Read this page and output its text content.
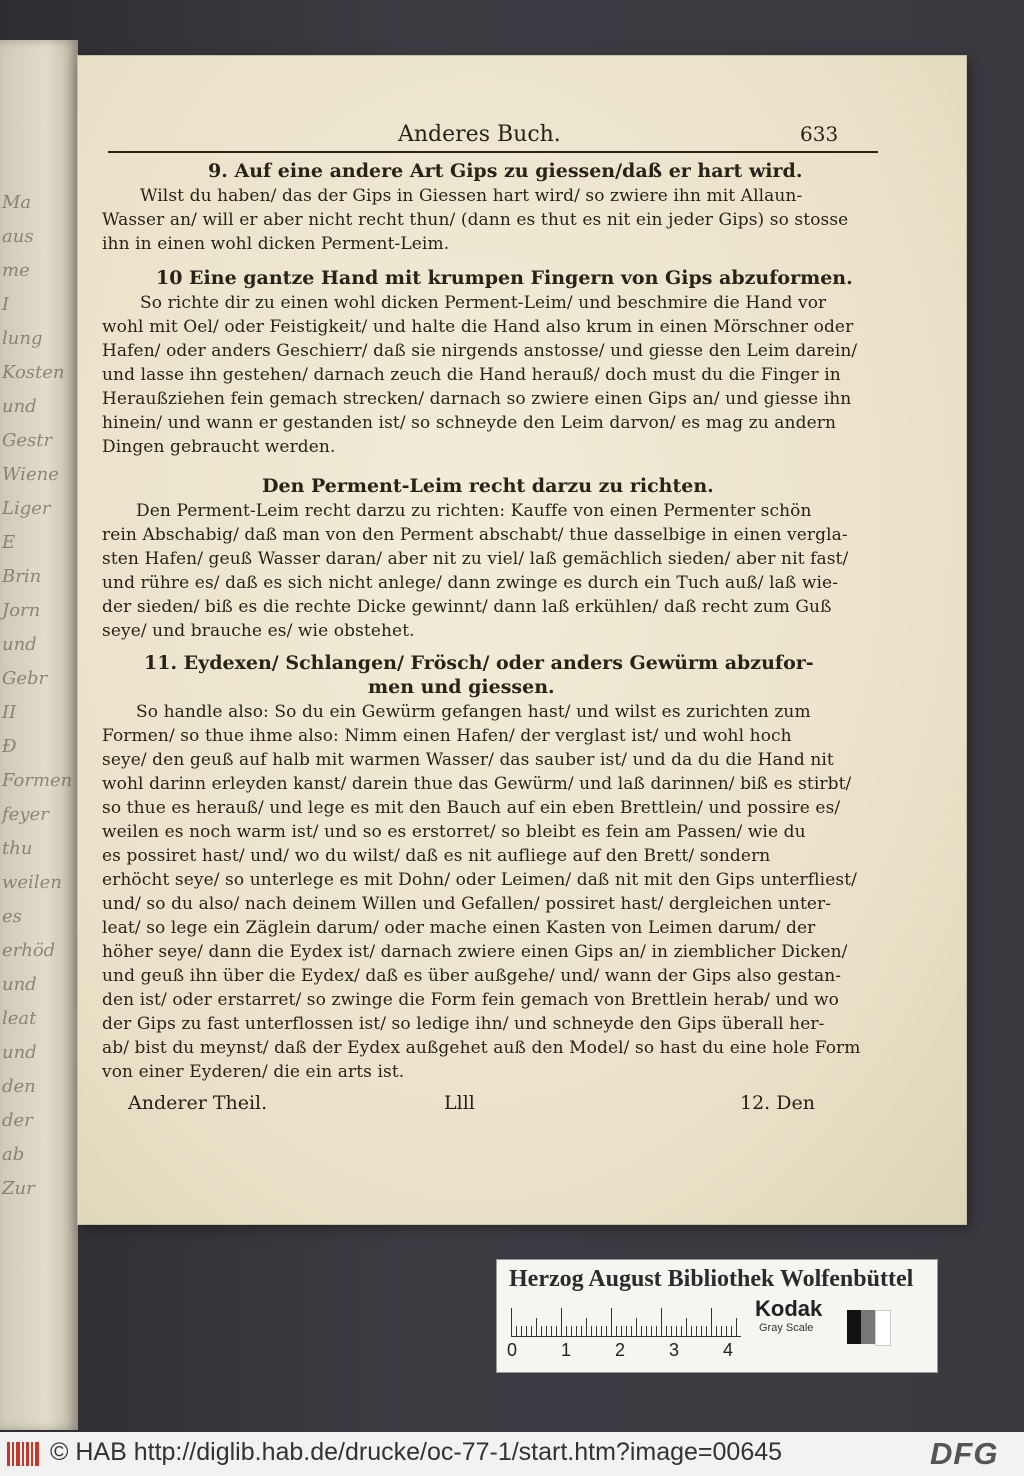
Ma
aus
me
I
lung
Kosten
und
Gestr
Wiene
Liger
E
Brin
Jorn
und
Gebr
II
Ð
Formen
feyer
thu
weilen
es
erhöd
und
leat
und
den
der
ab
Zur
Anderes Buch.	633
9. Auf eine andere Art Gips zu giessen/daß er hart wird.
Wilst du haben/ das der Gips in Giessen hart wird/ so zwiere ihn mit Allaun-
Wasser an/ will er aber nicht recht thun/ (dann es thut es nit ein jeder Gips) so stosse
ihn in einen wohl dicken Perment-Leim.
10 Eine gantze Hand mit krumpen Fingern von Gips abzuformen.
So richte dir zu einen wohl dicken Perment-Leim/ und beschmire die Hand vor
wohl mit Oel/ oder Feistigkeit/ und halte die Hand also krum in einen Mörschner oder
Hafen/ oder anders Geschierr/ daß sie nirgends anstosse/ und giesse den Leim darein/
und lasse ihn gestehen/ darnach zeuch die Hand herauß/ doch must du die Finger in
Heraußziehen fein gemach strecken/ darnach so zwiere einen Gips an/ und giesse ihn
hinein/ und wann er gestanden ist/ so schneyde den Leim darvon/ es mag zu andern
Dingen gebraucht werden.
Den Perment-Leim recht darzu zu richten.
Den Perment-Leim recht darzu zu richten: Kauffe von einen Permenter schön
rein Abschabig/ daß man von den Perment abschabt/ thue dasselbige in einen vergla-
sten Hafen/ geuß Wasser daran/ aber nit zu viel/ laß gemächlich sieden/ aber nit fast/
und rühre es/ daß es sich nicht anlege/ dann zwinge es durch ein Tuch auß/ laß wie-
der sieden/ biß es die rechte Dicke gewinnt/ dann laß erkühlen/ daß recht zum Guß
seye/ und brauche es/ wie obstehet.
11. Eydexen/ Schlangen/ Frösch/ oder anders Gewürm abzufor-
men und giessen.
So handle also: So du ein Gewürm gefangen hast/ und wilst es zurichten zum
Formen/ so thue ihme also: Nimm einen Hafen/ der verglast ist/ und wohl hoch
seye/ den geuß auf halb mit warmen Wasser/ das sauber ist/ und da du die Hand nit
wohl darinn erleyden kanst/ darein thue das Gewürm/ und laß darinnen/ biß es stirbt/
so thue es herauß/ und lege es mit den Bauch auf ein eben Brettlein/ und possire es/
weilen es noch warm ist/ und so es erstorret/ so bleibt es fein am Passen/ wie du
es possiret hast/ und/ wo du wilst/ daß es nit aufliege auf den Brett/ sondern
erhöcht seye/ so unterlege es mit Dohn/ oder Leimen/ daß nit mit den Gips unterfliest/
und/ so du also/ nach deinem Willen und Gefallen/ possiret hast/ dergleichen unter-
leat/ so lege ein Zäglein darum/ oder mache einen Kasten von Leimen darum/ der
höher seye/ dann die Eydex ist/ darnach zwiere einen Gips an/ in ziemblicher Dicken/
und geuß ihn über die Eydex/ daß es über außgehe/ und/ wann der Gips also gestan-
den ist/ oder erstarret/ so zwinge die Form fein gemach von Brettlein herab/ und wo
der Gips zu fast unterflossen ist/ so ledige ihn/ und schneyde den Gips überall her-
ab/ bist du meynst/ daß der Eydex außgehet auß den Model/ so hast du eine hole Form
von einer Eyderen/ die ein arts ist.
Anderer Theil.	Llll	12. Den
Herzog August Bibliothek Wolfenbüttel
0 1 2 3 4
Kodak
Gray Scale
© HAB http://diglib.hab.de/drucke/oc-77-1/start.htm?image=00645	DFG
